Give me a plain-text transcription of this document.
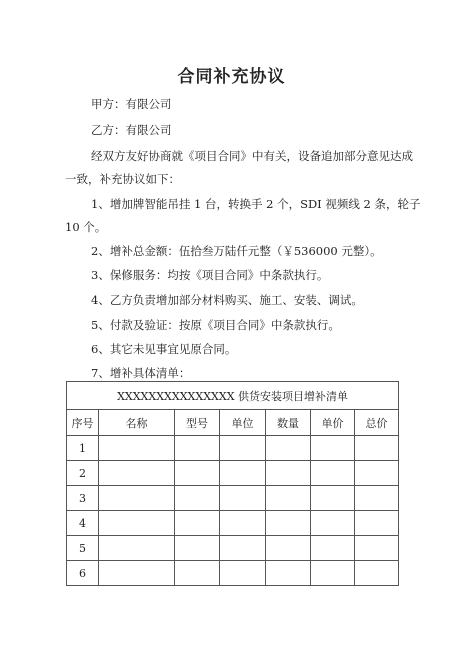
合同补充协议
甲方：有限公司
乙方：有限公司
经双方友好协商就《项目合同》中有关，设备追加部分意见达成
一致，补充协议如下：
1、增加牌智能吊挂 1 台，转换手 2 个，SDI 视频线 2 条，轮子
10 个。
2、增补总金额：伍拾叁万陆仟元整（￥536000 元整）。
3、保修服务：均按《项目合同》中条款执行。
4、乙方负责增加部分材料购买、施工、安装、调试。
5、付款及验证：按原《项目合同》中条款执行。
6、其它未见事宜见原合同。
7、增补具体清单：
XXXXXXXXXXXXXXX 供货安装项目增补清单						
序号	名称	型号	单位	数量	单价	总价
1						
2						
3						
4						
5						
6						
